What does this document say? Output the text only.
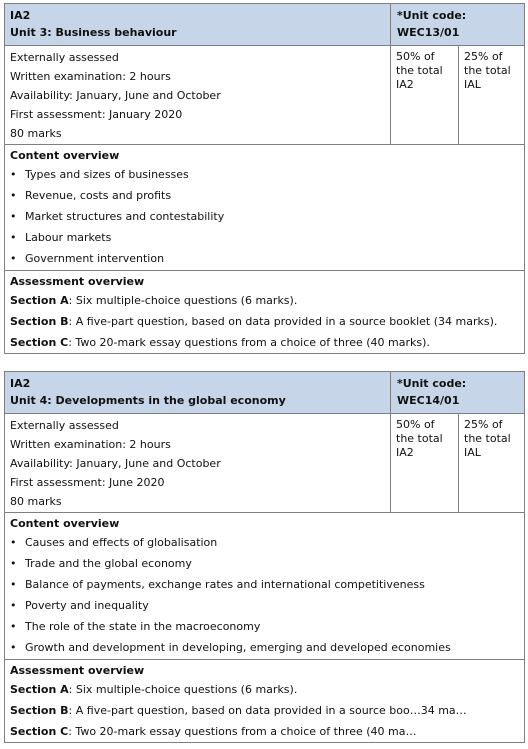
IA2
Unit 3: Business behaviour
*Unit code:
WEC13/01
Externally assessed
Written examination: 2 hours
Availability: January, June and October
First assessment: January 2020
80 marks
50% of
the total
IA2
25% of
the total
IAL
Content overview
• Types and sizes of businesses
• Revenue, costs and profits
• Market structures and contestability
• Labour markets
• Government intervention
Assessment overview
Section A: Six multiple-choice questions (6 marks).
Section B: A five-part question, based on data provided in a source booklet (34 marks).
Section C: Two 20-mark essay questions from a choice of three (40 marks).
IA2
Unit 4: Developments in the global economy
*Unit code:
WEC14/01
Externally assessed
Written examination: 2 hours
Availability: January, June and October
First assessment: June 2020
80 marks
50% of
the total
IA2
25% of
the total
IAL
Content overview
• Causes and effects of globalisation
• Trade and the global economy
• Balance of payments, exchange rates and international competitiveness
• Poverty and inequality
• The role of the state in the macroeconomy
• Growth and development in developing, emerging and developed economies
Assessment overview
Section A: Six multiple-choice questions (6 marks).
Section B: A five-part question, based on data provided in a source boo…34 ma…
Section C: Two 20-mark essay questions from a choice of three (40 ma…
